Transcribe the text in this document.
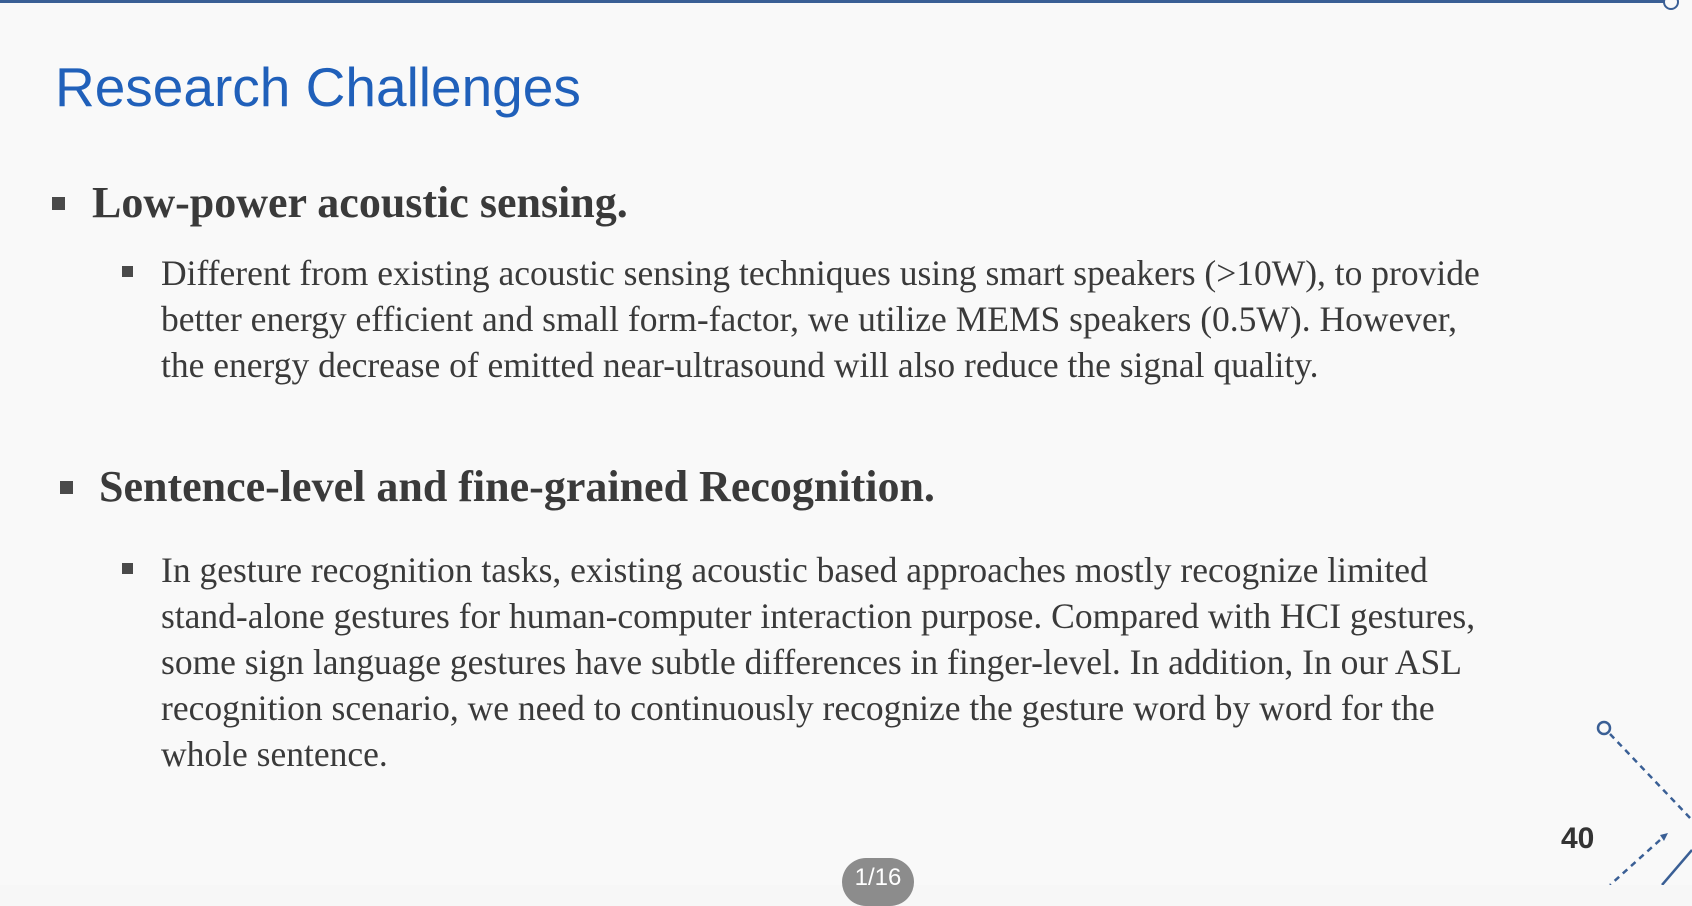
Research Challenges
Low-power acoustic sensing.
Different from existing acoustic sensing techniques using smart speakers (>10W), to provide
better energy efficient and small form-factor, we utilize MEMS speakers (0.5W). However,
the energy decrease of emitted near-ultrasound will also reduce the signal quality.
Sentence-level and fine-grained Recognition.
In gesture recognition tasks, existing acoustic based approaches mostly recognize limited
stand-alone gestures for human-computer interaction purpose. Compared with HCI gestures,
some sign language gestures have subtle differences in finger-level. In addition, In our ASL
recognition scenario, we need to continuously recognize the gesture word by word for the
whole sentence.
40
1/16
